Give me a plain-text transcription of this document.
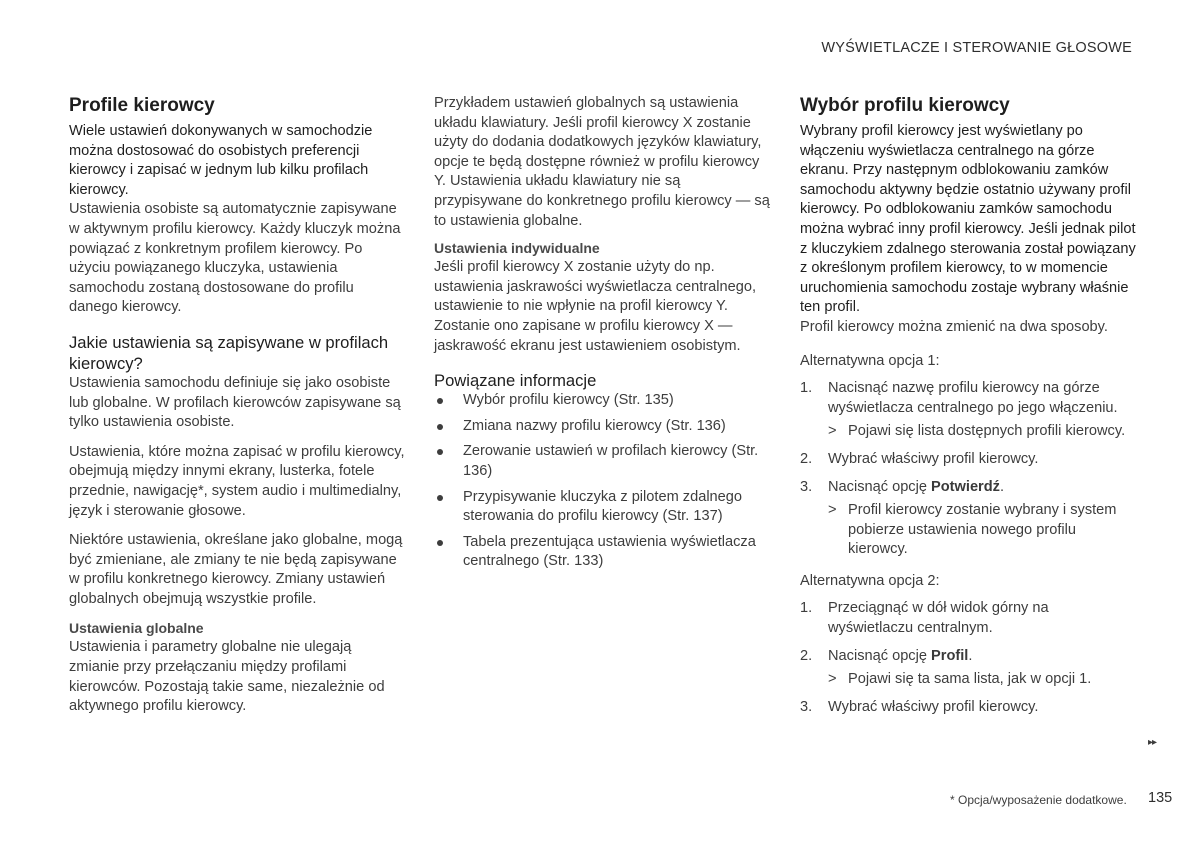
WYŚWIETLACZE I STEROWANIE GŁOSOWE
Profile kierowcy

Wiele ustawień dokonywanych w samochodzie można dostosować do osobistych preferencji kierowcy i zapisać w jednym lub kilku profilach kierowcy.

Ustawienia osobiste są automatycznie zapisywane w aktywnym profilu kierowcy. Każdy kluczyk można powiązać z konkretnym profilem kierowcy. Po użyciu powiązanego kluczyka, ustawienia samochodu zostaną dostosowane do profilu danego kierowcy.

Jakie ustawienia są zapisywane w profilach kierowcy?

Ustawienia samochodu definiuje się jako osobiste lub globalne. W profilach kierowców zapisywane są tylko ustawienia osobiste.

Ustawienia, które można zapisać w profilu kierowcy, obejmują między innymi ekrany, lusterka, fotele przednie, nawigację*, system audio i multimedialny, język i sterowanie głosowe.

Niektóre ustawienia, określane jako globalne, mogą być zmieniane, ale zmiany te nie będą zapisywane w profilu konkretnego kierowcy. Zmiany ustawień globalnych obejmują wszystkie profile.

Ustawienia globalne

Ustawienia i parametry globalne nie ulegają zmianie przy przełączaniu między profilami kierowców. Pozostają takie same, niezależnie od aktywnego profilu kierowcy.

Przykładem ustawień globalnych są ustawienia układu klawiatury. Jeśli profil kierowcy X zostanie użyty do dodania dodatkowych języków klawiatury, opcje te będą dostępne również w profilu kierowcy Y. Ustawienia układu klawiatury nie są przypisywane do konkretnego profilu kierowcy — są to ustawienia globalne.

Ustawienia indywidualne

Jeśli profil kierowcy X zostanie użyty do np. ustawienia jaskrawości wyświetlacza centralnego, ustawienie to nie wpłynie na profil kierowcy Y. Zostanie ono zapisane w profilu kierowcy X — jaskrawość ekranu jest ustawieniem osobistym.

Powiązane informacje
Wybór profilu kierowcy (Str. 135)
Zmiana nazwy profilu kierowcy (Str. 136)
Zerowanie ustawień w profilach kierowcy (Str. 136)
Przypisywanie kluczyka z pilotem zdalnego sterowania do profilu kierowcy (Str. 137)
Tabela prezentująca ustawienia wyświetlacza centralnego (Str. 133)
Wybór profilu kierowcy

Wybrany profil kierowcy jest wyświetlany po włączeniu wyświetlacza centralnego na górze ekranu. Przy następnym odblokowaniu zamków samochodu aktywny będzie ostatnio używany profil kierowcy. Po odblokowaniu zamków samochodu można wybrać inny profil kierowcy. Jeśli jednak pilot z kluczykiem zdalnego sterowania został powiązany z określonym profilem kierowcy, to w momencie uruchomienia samochodu zostaje wybrany właśnie ten profil.

Profil kierowcy można zmienić na dwa sposoby.

Alternatywna opcja 1:

1. Nacisnąć nazwę profilu kierowcy na górze wyświetlacza centralnego po jego włączeniu.
> Pojawi się lista dostępnych profili kierowcy.
2. Wybrać właściwy profil kierowcy.
3. Nacisnąć opcję Potwierdź.
> Profil kierowcy zostanie wybrany i system pobierze ustawienia nowego profilu kierowcy.

Alternatywna opcja 2:

1. Przeciągnąć w dół widok górny na wyświetlaczu centralnym.
2. Nacisnąć opcję Profil.
> Pojawi się ta sama lista, jak w opcji 1.
3. Wybrać właściwy profil kierowcy.
▸▸
* Opcja/wyposażenie dodatkowe. 135
